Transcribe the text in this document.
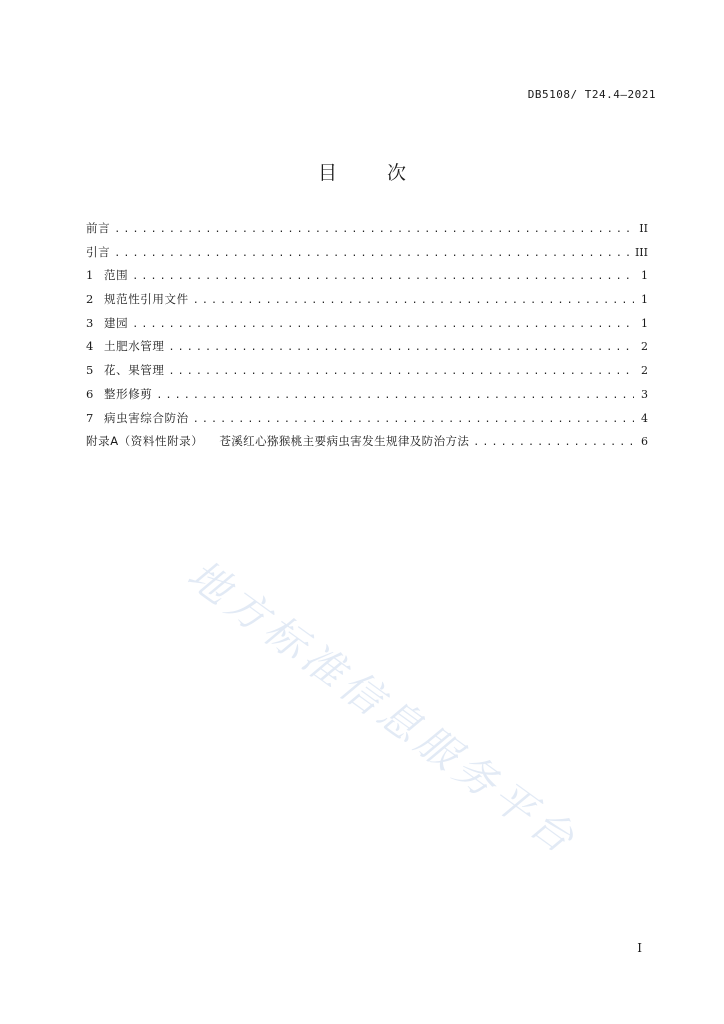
DB5108/ T24.4—2021
目 次
前言 .....	II
引言 .....	III
1 范围 .....	1
2 规范性引用文件 .....	1
3 建园 .....	1
4 土肥水管理 .....	2
5 花、果管理 .....	2
6 整形修剪 .....	3
7 病虫害综合防治 .....	4
附录A（资料性附录） 苍溪红心猕猴桃主要病虫害发生规律及防治方法 .....	6
地方标准信息服务平台
I
